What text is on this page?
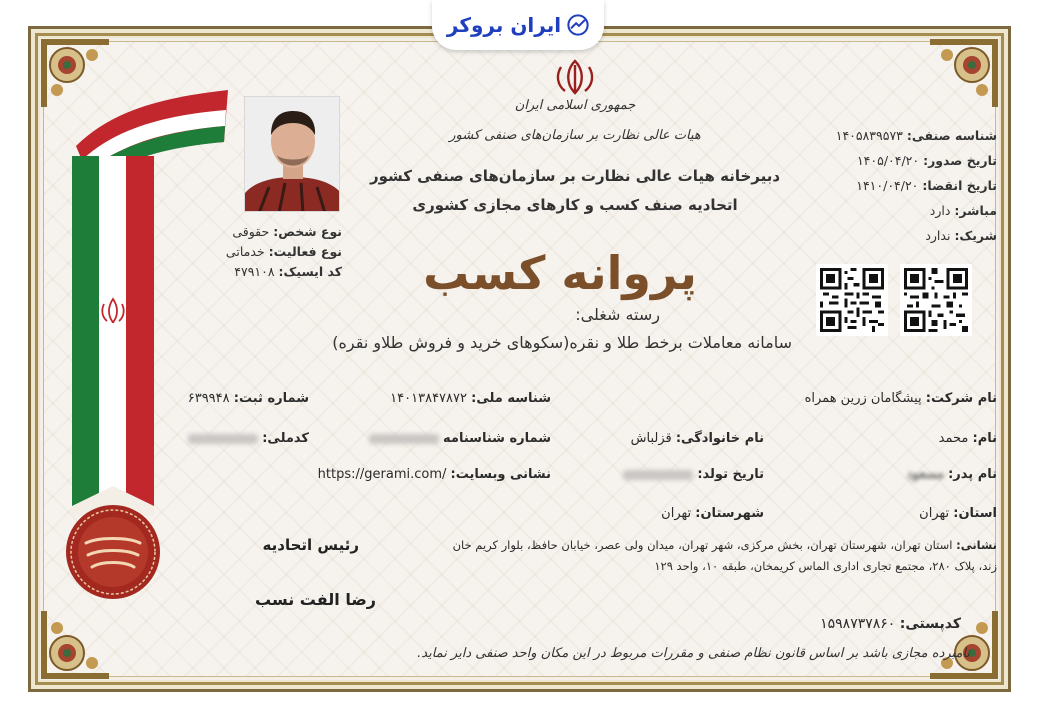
ایران بروکر
جمهوری اسلامی ایران
هیات عالی نظارت بر سازمان‌های صنفی کشور
دبیرخانه هیات عالی نظارت بر سازمان‌های صنفی کشور
اتحادیه صنف کسب و کارهای مجازی کشوری
پروانه کسب
رسته شغلی:
سامانه معاملات برخط طلا و نقره(سکوهای خرید و فروش طلاو نقره)
شناسه صنفی: ۱۴۰۵۸۳۹۵۷۳
تاریخ صدور: ۱۴۰۵/۰۴/۲۰
تاریخ انقضا: ۱۴۱۰/۰۴/۲۰
مباشر: دارد
شریک: ندارد
نوع شخص: حقوقی
نوع فعالیت: خدماتی
کد ایسیک: ۴۷۹۱۰۸
نام شرکت: پیشگامان زرین همراه
شناسه ملی: ۱۴۰۱۳۸۴۷۸۷۲
شماره ثبت: ۶۳۹۹۴۸
نام: محمد
نام خانوادگی: قزلباش
شماره شناسنامه
کدملی:
نام پدر: مسعود
تاریخ تولد:
نشانی وبسایت: https://gerami.com/
استان: تهران
شهرستان: تهران
نشانی: استان تهران، شهرستان تهران، بخش مرکزی، شهر تهران، میدان ولی عصر، خیابان حافظ، بلوار کریم خان
زند، پلاک ۲۸۰، مجتمع تجاری اداری الماس کریمخان، طبقه ۱۰، واحد ۱۲۹
رئیس اتحادیه
رضا الفت نسب
کدپستی: ۱۵۹۸۷۳۷۸۶۰
نامبرده مجازی باشد بر اساس قانون نظام صنفی و مقررات مربوط در این مکان واحد صنفی دایر نماید.
